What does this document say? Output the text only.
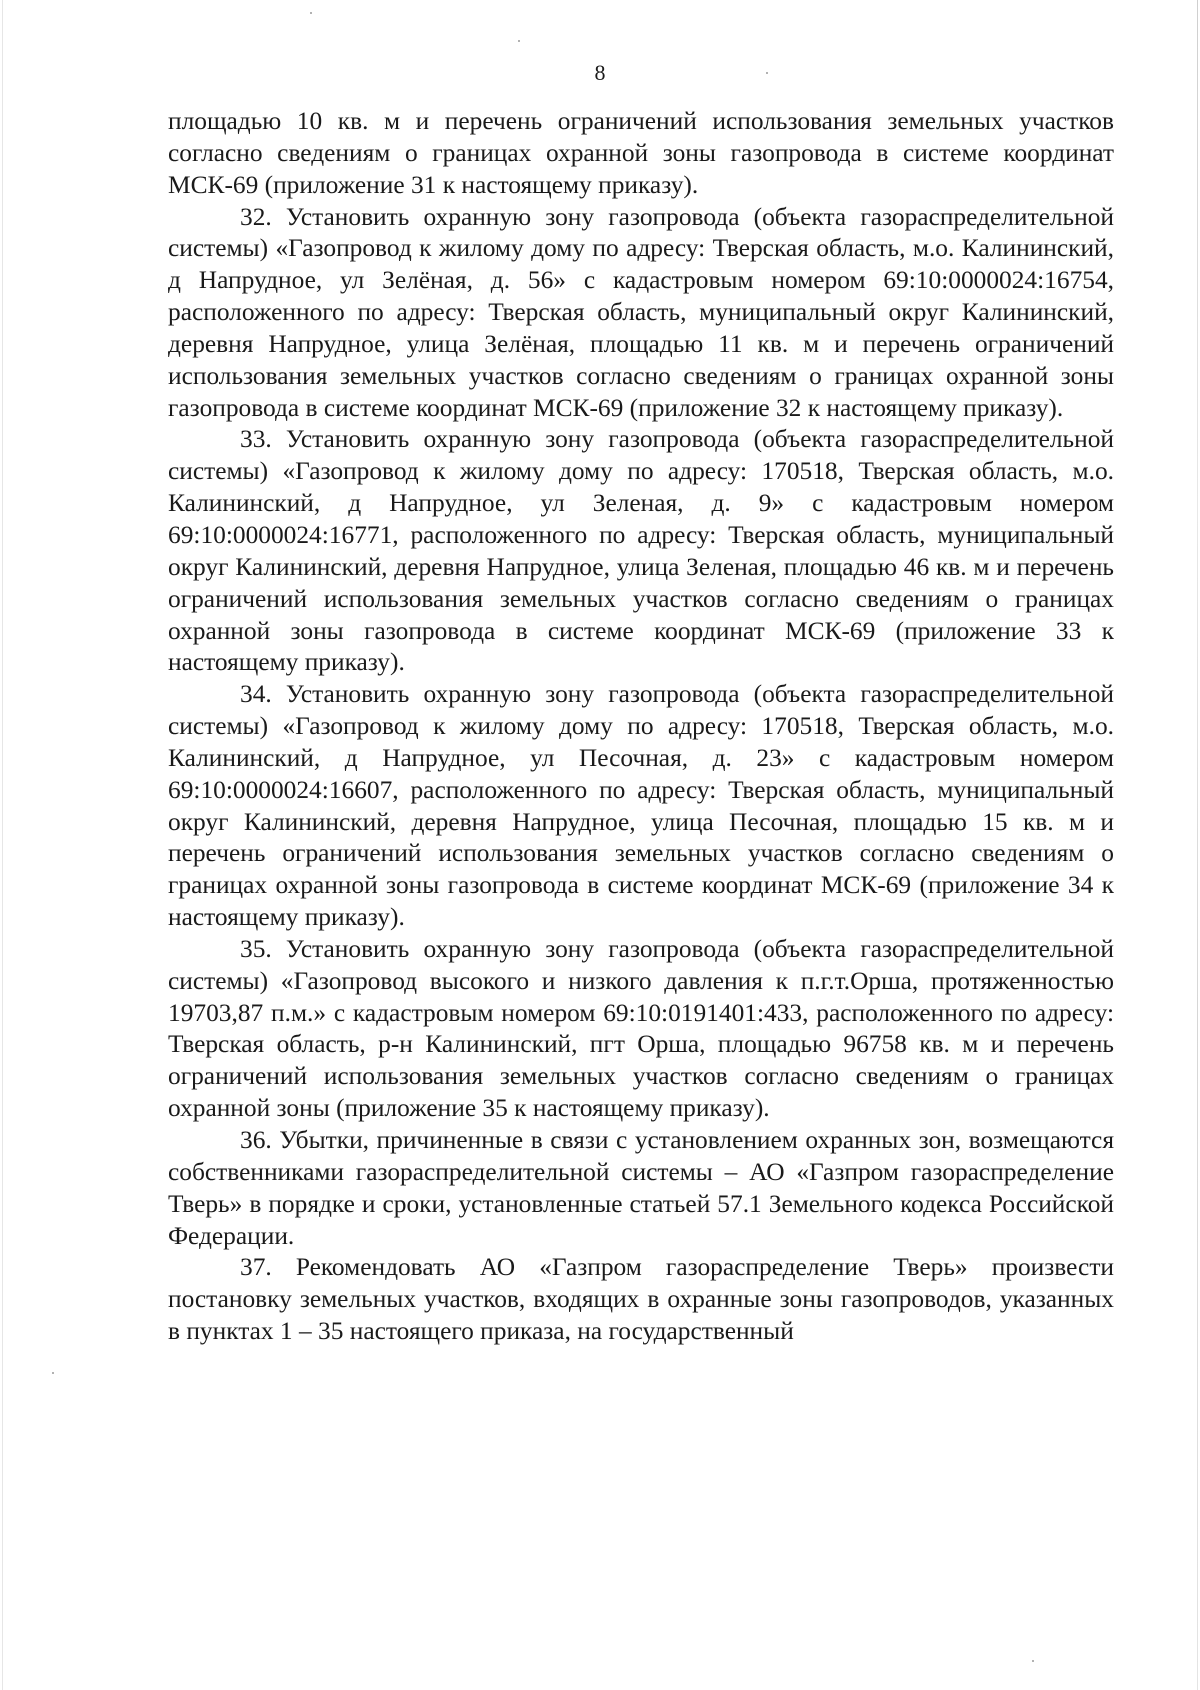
8

площадью 10 кв. м и перечень ограничений использования земельных участков согласно сведениям о границах охранной зоны газопровода в системе координат МСК-69 (приложение 31 к настоящему приказу).

32. Установить охранную зону газопровода (объекта газораспределительной системы) «Газопровод к жилому дому по адресу: Тверская область, м.о. Калининский, д Напрудное, ул Зелёная, д. 56» с кадастровым номером 69:10:0000024:16754, расположенного по адресу: Тверская область, муниципальный округ Калининский, деревня Напрудное, улица Зелёная, площадью 11 кв. м и перечень ограничений использования земельных участков согласно сведениям о границах охранной зоны газопровода в системе координат МСК-69 (приложение 32 к настоящему приказу).

33. Установить охранную зону газопровода (объекта газораспределительной системы) «Газопровод к жилому дому по адресу: 170518, Тверская область, м.о. Калининский, д Напрудное, ул Зеленая, д. 9» с кадастровым номером 69:10:0000024:16771, расположенного по адресу: Тверская область, муниципальный округ Калининский, деревня Напрудное, улица Зеленая, площадью 46 кв. м и перечень ограничений использования земельных участков согласно сведениям о границах охранной зоны газопровода в системе координат МСК-69 (приложение 33 к настоящему приказу).

34. Установить охранную зону газопровода (объекта газораспределительной системы) «Газопровод к жилому дому по адресу: 170518, Тверская область, м.о. Калининский, д Напрудное, ул Песочная, д. 23» с кадастровым номером 69:10:0000024:16607, расположенного по адресу: Тверская область, муниципальный округ Калининский, деревня Напрудное, улица Песочная, площадью 15 кв. м и перечень ограничений использования земельных участков согласно сведениям о границах охранной зоны газопровода в системе координат МСК-69 (приложение 34 к настоящему приказу).

35. Установить охранную зону газопровода (объекта газораспределительной системы) «Газопровод высокого и низкого давления к п.г.т.Орша, протяженностью 19703,87 п.м.» с кадастровым номером 69:10:0191401:433, расположенного по адресу: Тверская область, р-н Калининский, пгт Орша, площадью 96758 кв. м и перечень ограничений использования земельных участков согласно сведениям о границах охранной зоны (приложение 35 к настоящему приказу).

36. Убытки, причиненные в связи с установлением охранных зон, возмещаются собственниками газораспределительной системы – АО «Газпром газораспределение Тверь» в порядке и сроки, установленные статьей 57.1 Земельного кодекса Российской Федерации.

37. Рекомендовать АО «Газпром газораспределение Тверь» произвести постановку земельных участков, входящих в охранные зоны газопроводов, указанных в пунктах 1 – 35 настоящего приказа, на государственный
